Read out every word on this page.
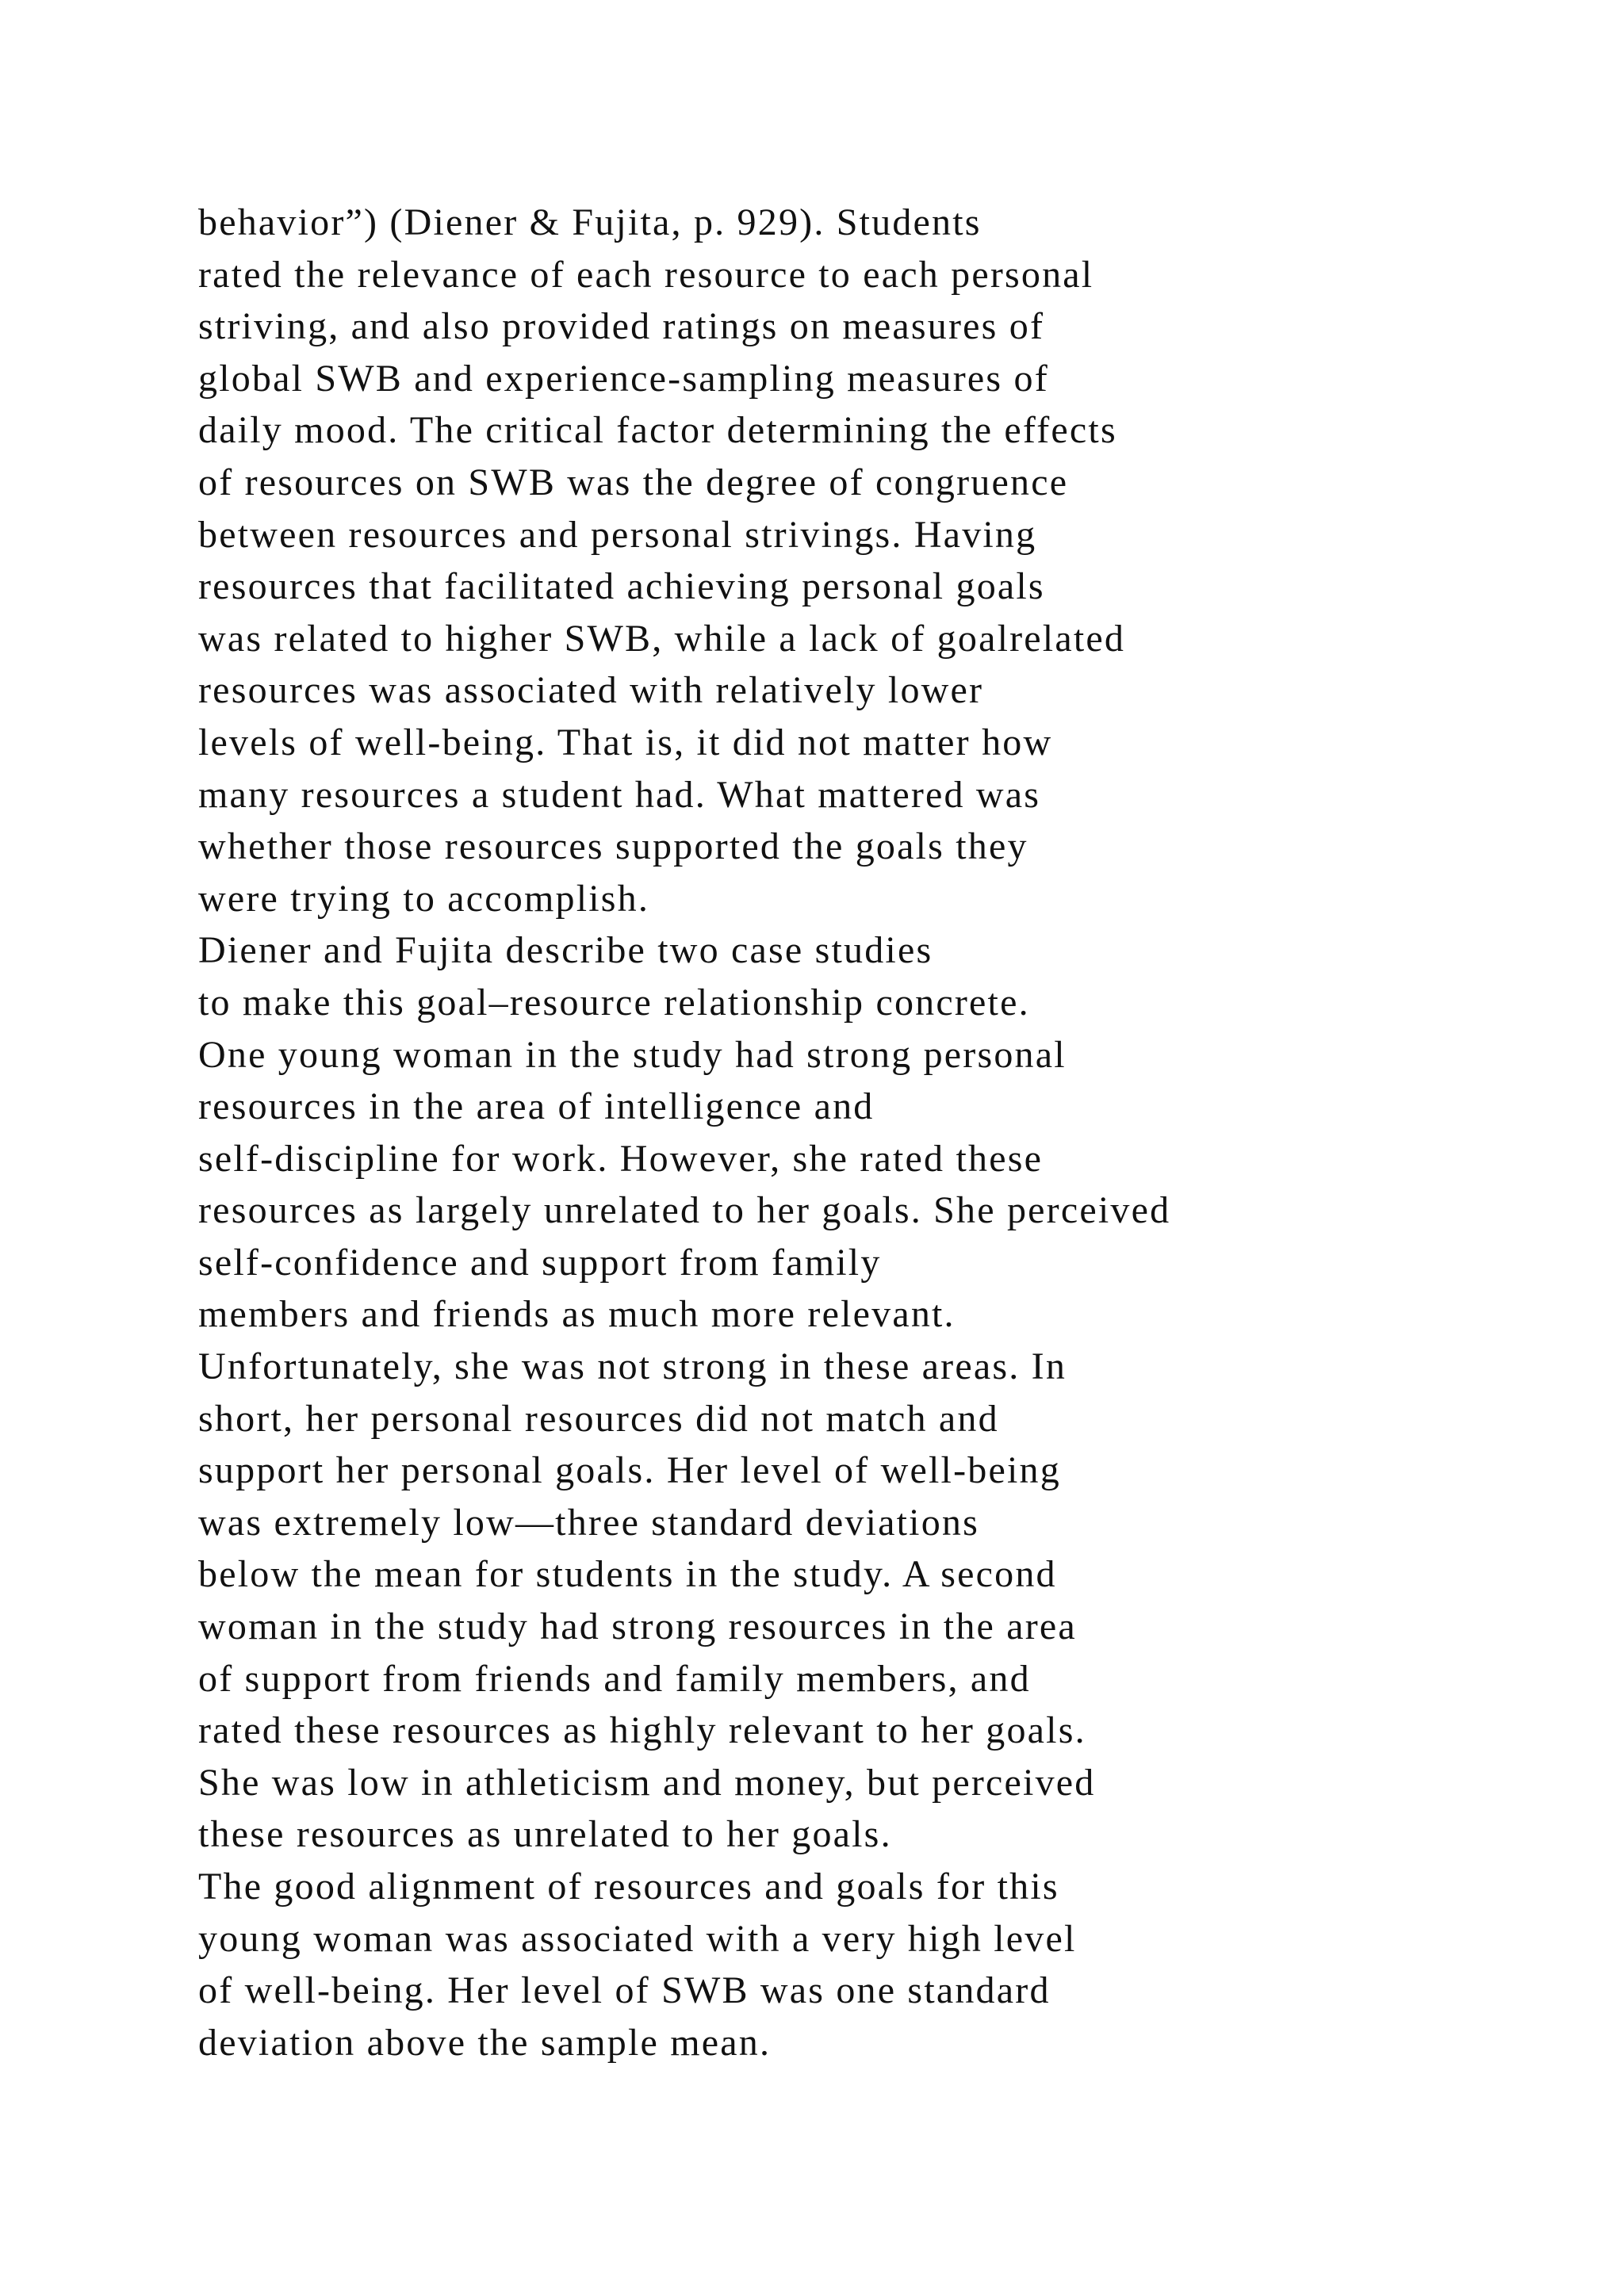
behavior”) (Diener & Fujita, p. 929). Students
rated the relevance of each resource to each personal
striving, and also provided ratings on measures of
global SWB and experience-sampling measures of
daily mood. The critical factor determining the effects
of resources on SWB was the degree of congruence
between resources and personal strivings. Having
resources that facilitated achieving personal goals
was related to higher SWB, while a lack of goalrelated
resources was associated with relatively lower
levels of well-being. That is, it did not matter how
many resources a student had. What mattered was
whether those resources supported the goals they
were trying to accomplish.
Diener and Fujita describe two case studies
to make this goal–resource relationship concrete.
One young woman in the study had strong personal
resources in the area of intelligence and
self-discipline for work. However, she rated these
resources as largely unrelated to her goals. She perceived
self-confidence and support from family
members and friends as much more relevant.
Unfortunately, she was not strong in these areas. In
short, her personal resources did not match and
support her personal goals. Her level of well-being
was extremely low—three standard deviations
below the mean for students in the study. A second
woman in the study had strong resources in the area
of support from friends and family members, and
rated these resources as highly relevant to her goals.
She was low in athleticism and money, but perceived
these resources as unrelated to her goals.
The good alignment of resources and goals for this
young woman was associated with a very high level
of well-being. Her level of SWB was one standard
deviation above the sample mean.
